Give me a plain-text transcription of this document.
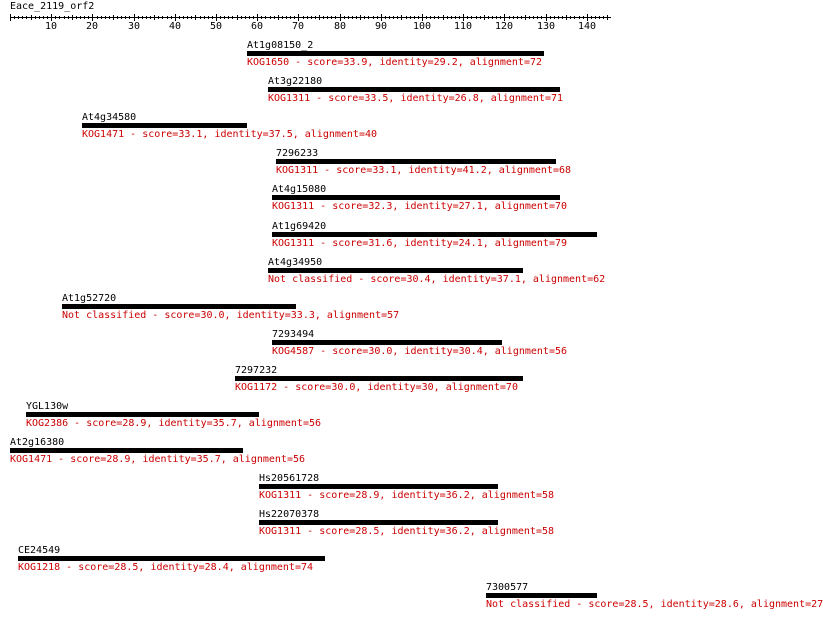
Eace_2119_orf2
10	20	30	40	50	60	70	80	90	100 110 120 130 140
At1g08150_2
KOG1650 - score=33.9, identity=29.2, alignment=72
At3g22180
KOG1311 - score=33.5, identity=26.8, alignment=71
At4g34580
KOG1471 - score=33.1, identity=37.5, alignment=40
7296233
KOG1311 - score=33.1, identity=41.2, alignment=68
At4g15080
KOG1311 - score=32.3, identity=27.1, alignment=70
At1g69420
KOG1311 - score=31.6, identity=24.1, alignment=79
At4g34950
Not classified - score=30.4, identity=37.1, alignment=62
At1g52720
Not classified - score=30.0, identity=33.3, alignment=57
7293494
KOG4587 - score=30.0, identity=30.4, alignment=56
7297232
KOG1172 - score=30.0, identity=30, alignment=70
YGL130w
KOG2386 - score=28.9, identity=35.7, alignment=56
At2g16380
KOG1471 - score=28.9, identity=35.7, alignment=56
Hs20561728
KOG1311 - score=28.9, identity=36.2, alignment=58
Hs22070378
KOG1311 - score=28.5, identity=36.2, alignment=58
CE24549
KOG1218 - score=28.5, identity=28.4, alignment=74
7300577
Not classified - score=28.5, identity=28.6, alignment=27
